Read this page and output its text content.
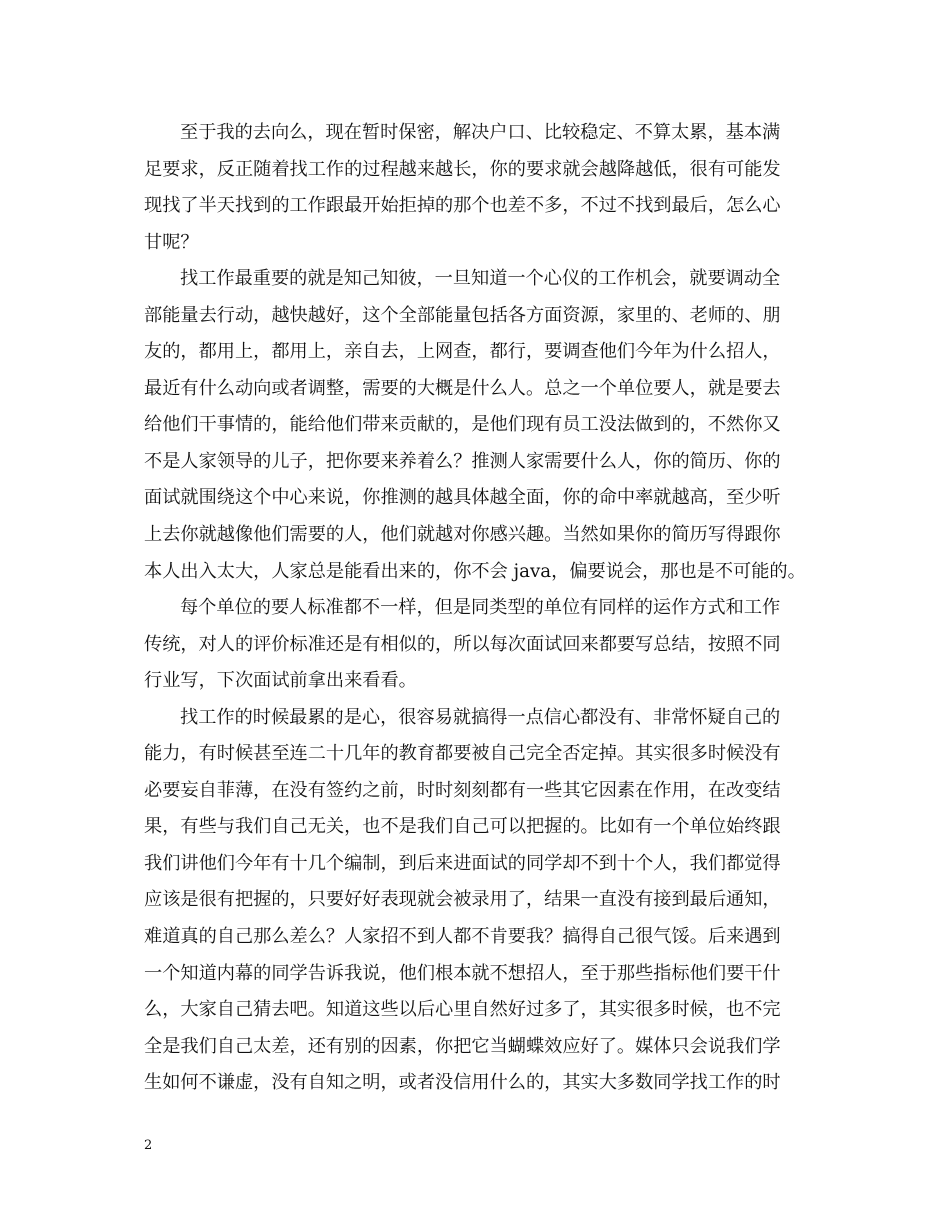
至于我的去向么，现在暂时保密，解决户口、比较稳定、不算太累，基本满
足要求，反正随着找工作的过程越来越长，你的要求就会越降越低，很有可能发
现找了半天找到的工作跟最开始拒掉的那个也差不多，不过不找到最后，怎么心
甘呢？
找工作最重要的就是知己知彼，一旦知道一个心仪的工作机会，就要调动全
部能量去行动，越快越好，这个全部能量包括各方面资源，家里的、老师的、朋
友的，都用上，都用上，亲自去，上网查，都行，要调查他们今年为什么招人，
最近有什么动向或者调整，需要的大概是什么人。总之一个单位要人，就是要去
给他们干事情的，能给他们带来贡献的，是他们现有员工没法做到的，不然你又
不是人家领导的儿子，把你要来养着么？推测人家需要什么人，你的简历、你的
面试就围绕这个中心来说，你推测的越具体越全面，你的命中率就越高，至少听
上去你就越像他们需要的人，他们就越对你感兴趣。当然如果你的简历写得跟你
本人出入太大，人家总是能看出来的，你不会 java，偏要说会，那也是不可能的。
每个单位的要人标准都不一样，但是同类型的单位有同样的运作方式和工作
传统，对人的评价标准还是有相似的，所以每次面试回来都要写总结，按照不同
行业写，下次面试前拿出来看看。
找工作的时候最累的是心，很容易就搞得一点信心都没有、非常怀疑自己的
能力，有时候甚至连二十几年的教育都要被自己完全否定掉。其实很多时候没有
必要妄自菲薄，在没有签约之前，时时刻刻都有一些其它因素在作用，在改变结
果，有些与我们自己无关，也不是我们自己可以把握的。比如有一个单位始终跟
我们讲他们今年有十几个编制，到后来进面试的同学却不到十个人，我们都觉得
应该是很有把握的，只要好好表现就会被录用了，结果一直没有接到最后通知，
难道真的自己那么差么？人家招不到人都不肯要我？搞得自己很气馁。后来遇到
一个知道内幕的同学告诉我说，他们根本就不想招人，至于那些指标他们要干什
么，大家自己猜去吧。知道这些以后心里自然好过多了，其实很多时候，也不完
全是我们自己太差，还有别的因素，你把它当蝴蝶效应好了。媒体只会说我们学
生如何不谦虚，没有自知之明，或者没信用什么的，其实大多数同学找工作的时
2
